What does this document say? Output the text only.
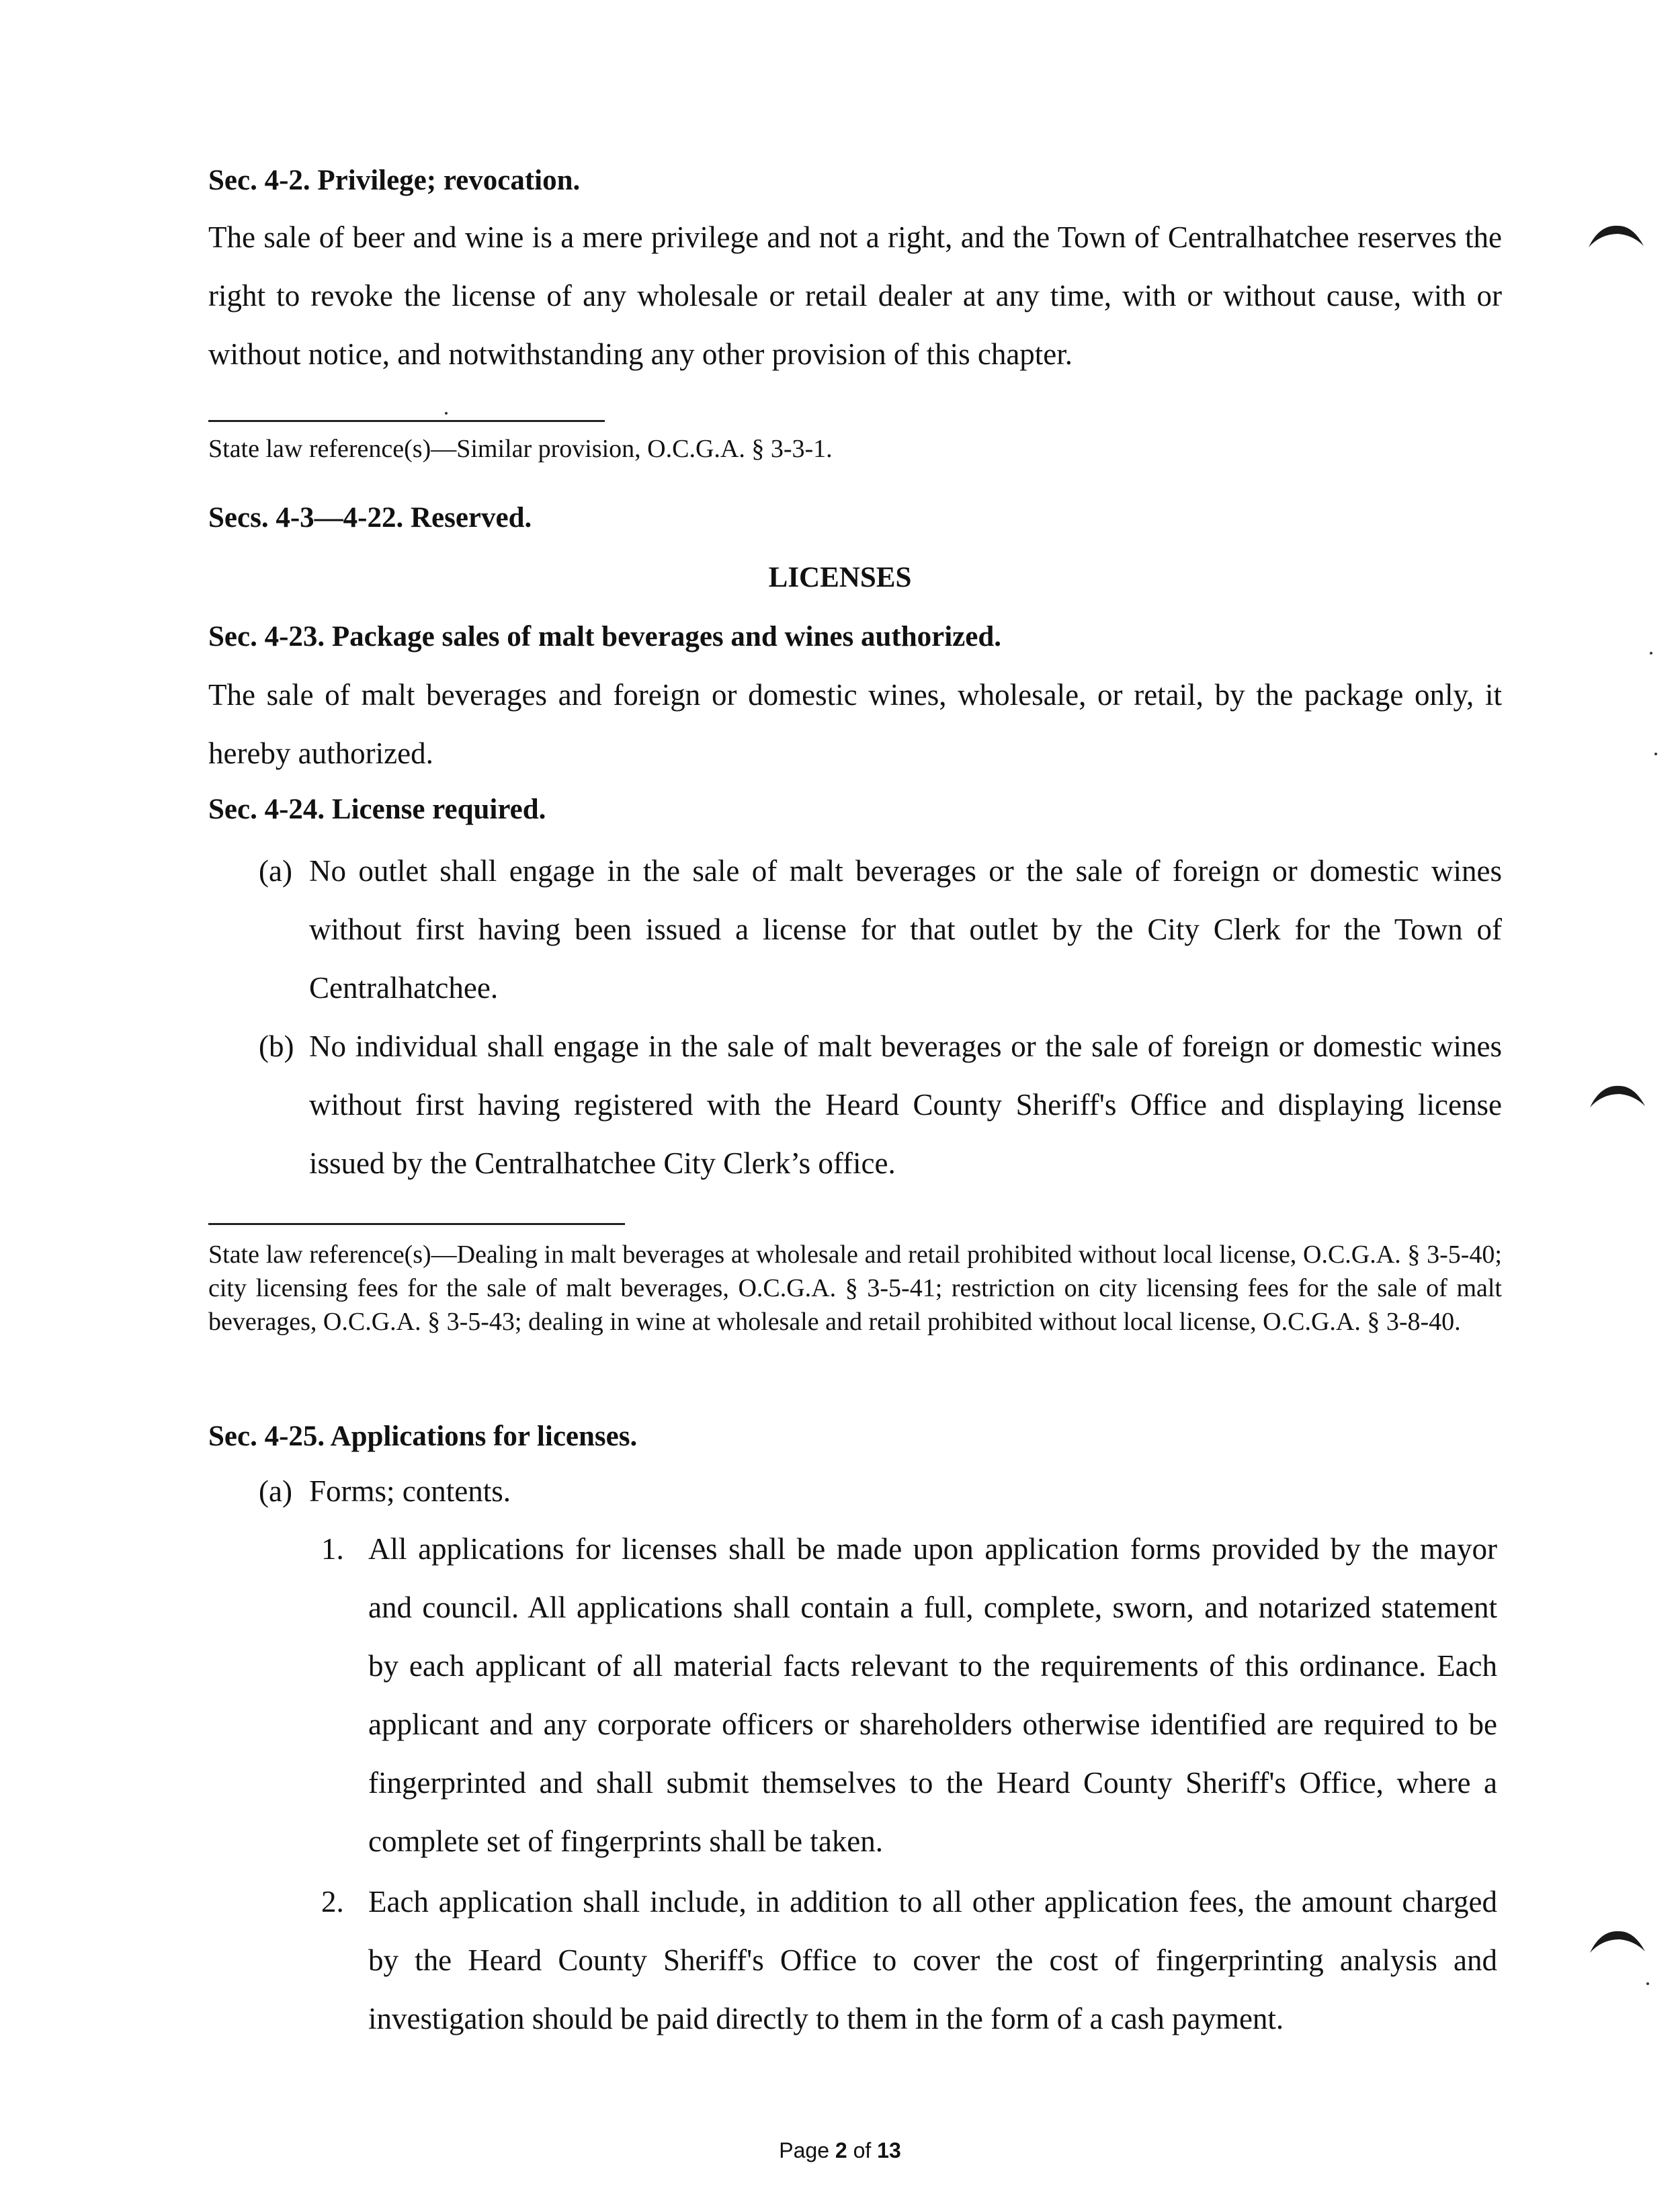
Sec. 4-2. Privilege; revocation.
The sale of beer and wine is a mere privilege and not a right, and the Town of Centralhatchee reserves the right to revoke the license of any wholesale or retail dealer at any time, with or without cause, with or without notice, and notwithstanding any other provision of this chapter.
State law reference(s)—Similar provision, O.C.G.A. § 3-3-1.
Secs. 4-3—4-22. Reserved.
LICENSES
Sec. 4-23. Package sales of malt beverages and wines authorized.
The sale of malt beverages and foreign or domestic wines, wholesale, or retail, by the package only, it hereby authorized.
Sec. 4-24. License required.
(a) No outlet shall engage in the sale of malt beverages or the sale of foreign or domestic wines without first having been issued a license for that outlet by the City Clerk for the Town of Centralhatchee.
(b) No individual shall engage in the sale of malt beverages or the sale of foreign or domestic wines without first having registered with the Heard County Sheriff's Office and displaying license issued by the Centralhatchee City Clerk’s office.
State law reference(s)—Dealing in malt beverages at wholesale and retail prohibited without local license, O.C.G.A. § 3-5-40; city licensing fees for the sale of malt beverages, O.C.G.A. § 3-5-41; restriction on city licensing fees for the sale of malt beverages, O.C.G.A. § 3-5-43; dealing in wine at wholesale and retail prohibited without local license, O.C.G.A. § 3-8-40.
Sec. 4-25. Applications for licenses.
(a) Forms; contents.
1. All applications for licenses shall be made upon application forms provided by the mayor and council. All applications shall contain a full, complete, sworn, and notarized statement by each applicant of all material facts relevant to the requirements of this ordinance. Each applicant and any corporate officers or shareholders otherwise identified are required to be fingerprinted and shall submit themselves to the Heard County Sheriff's Office, where a complete set of fingerprints shall be taken.
2. Each application shall include, in addition to all other application fees, the amount charged by the Heard County Sheriff's Office to cover the cost of fingerprinting analysis and investigation should be paid directly to them in the form of a cash payment.
Page 2 of 13
